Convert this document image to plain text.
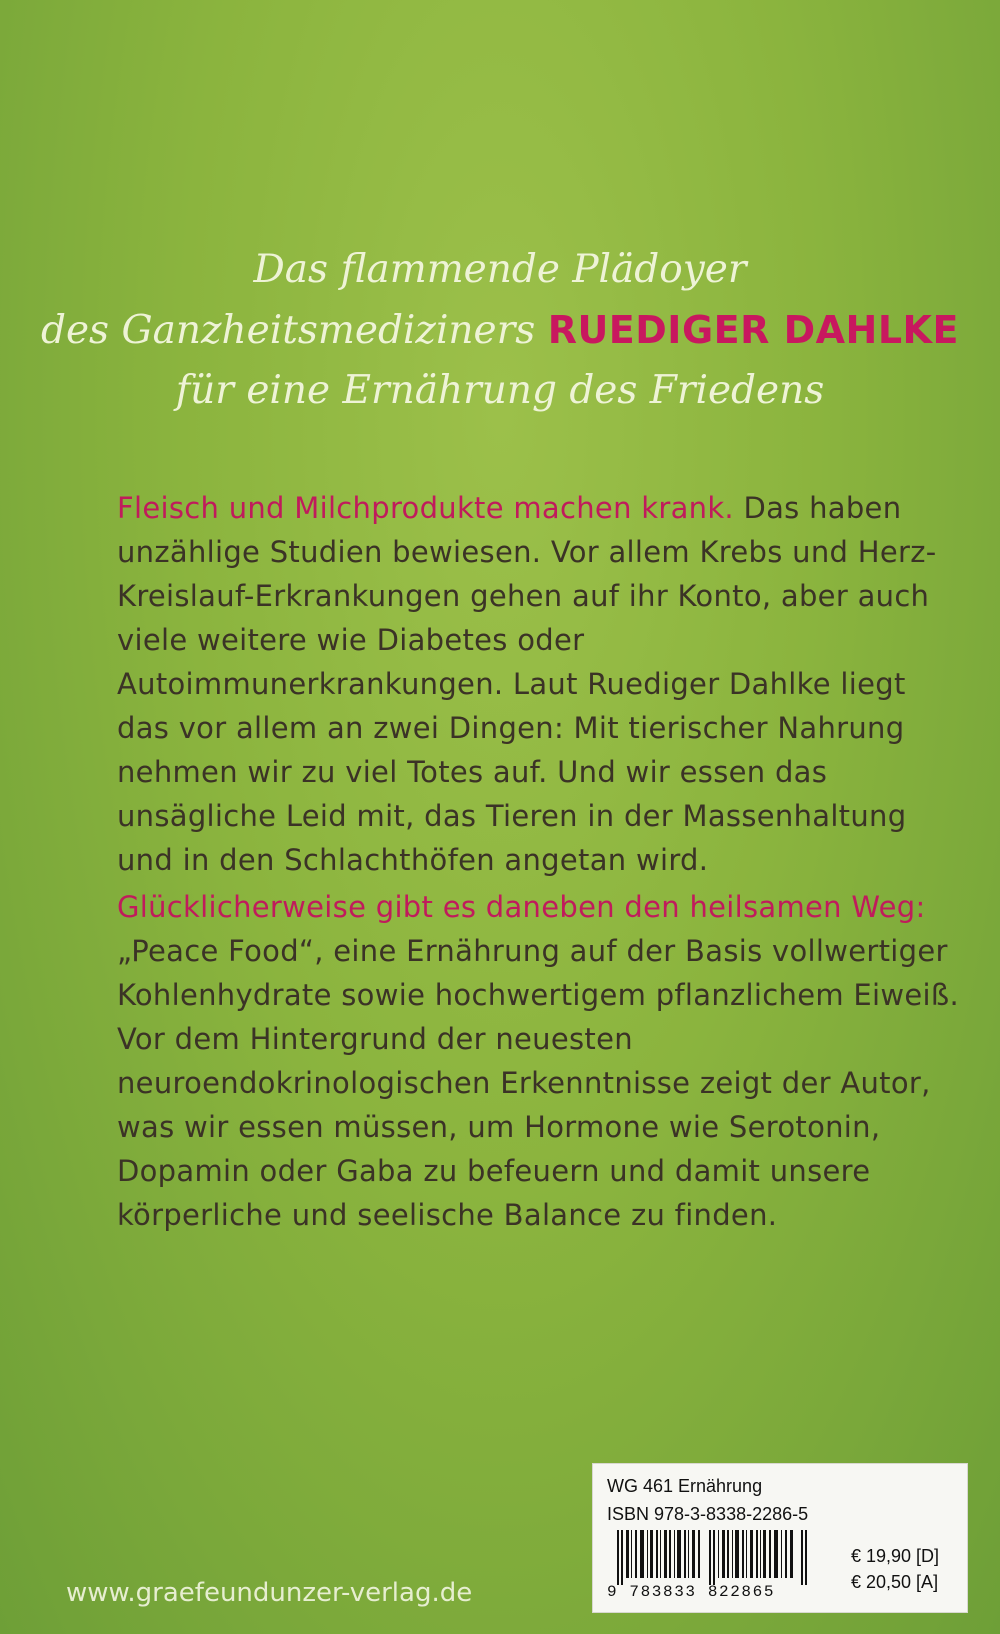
Das flammende Plädoyer
des Ganzheitsmediziners RUEDIGER DAHLKE
für eine Ernährung des Friedens
Fleisch und Milchprodukte machen krank. Das haben unzählige Studien bewiesen. Vor allem Krebs und Herz-Kreislauf-Erkrankungen gehen auf ihr Konto, aber auch viele weitere wie Diabetes oder Autoimmunerkrankungen. Laut Ruediger Dahlke liegt das vor allem an zwei Dingen: Mit tierischer Nahrung nehmen wir zu viel Totes auf. Und wir essen das unsägliche Leid mit, das Tieren in der Massenhaltung und in den Schlachthöfen angetan wird.
Glücklicherweise gibt es daneben den heilsamen Weg: „Peace Food“, eine Ernährung auf der Basis vollwertiger Kohlenhydrate sowie hochwertigem pflanzlichem Eiweiß. Vor dem Hintergrund der neuesten neuroendokrinologischen Erkenntnisse zeigt der Autor, was wir essen müssen, um Hormone wie Serotonin, Dopamin oder Gaba zu befeuern und damit unsere körperliche und seelische Balance zu finden.
www.graefeundunzer-verlag.de
WG 461 Ernährung
ISBN 978-3-8338-2286-5
9 783833 822865
€ 19,90 [D]
€ 20,50 [A]
